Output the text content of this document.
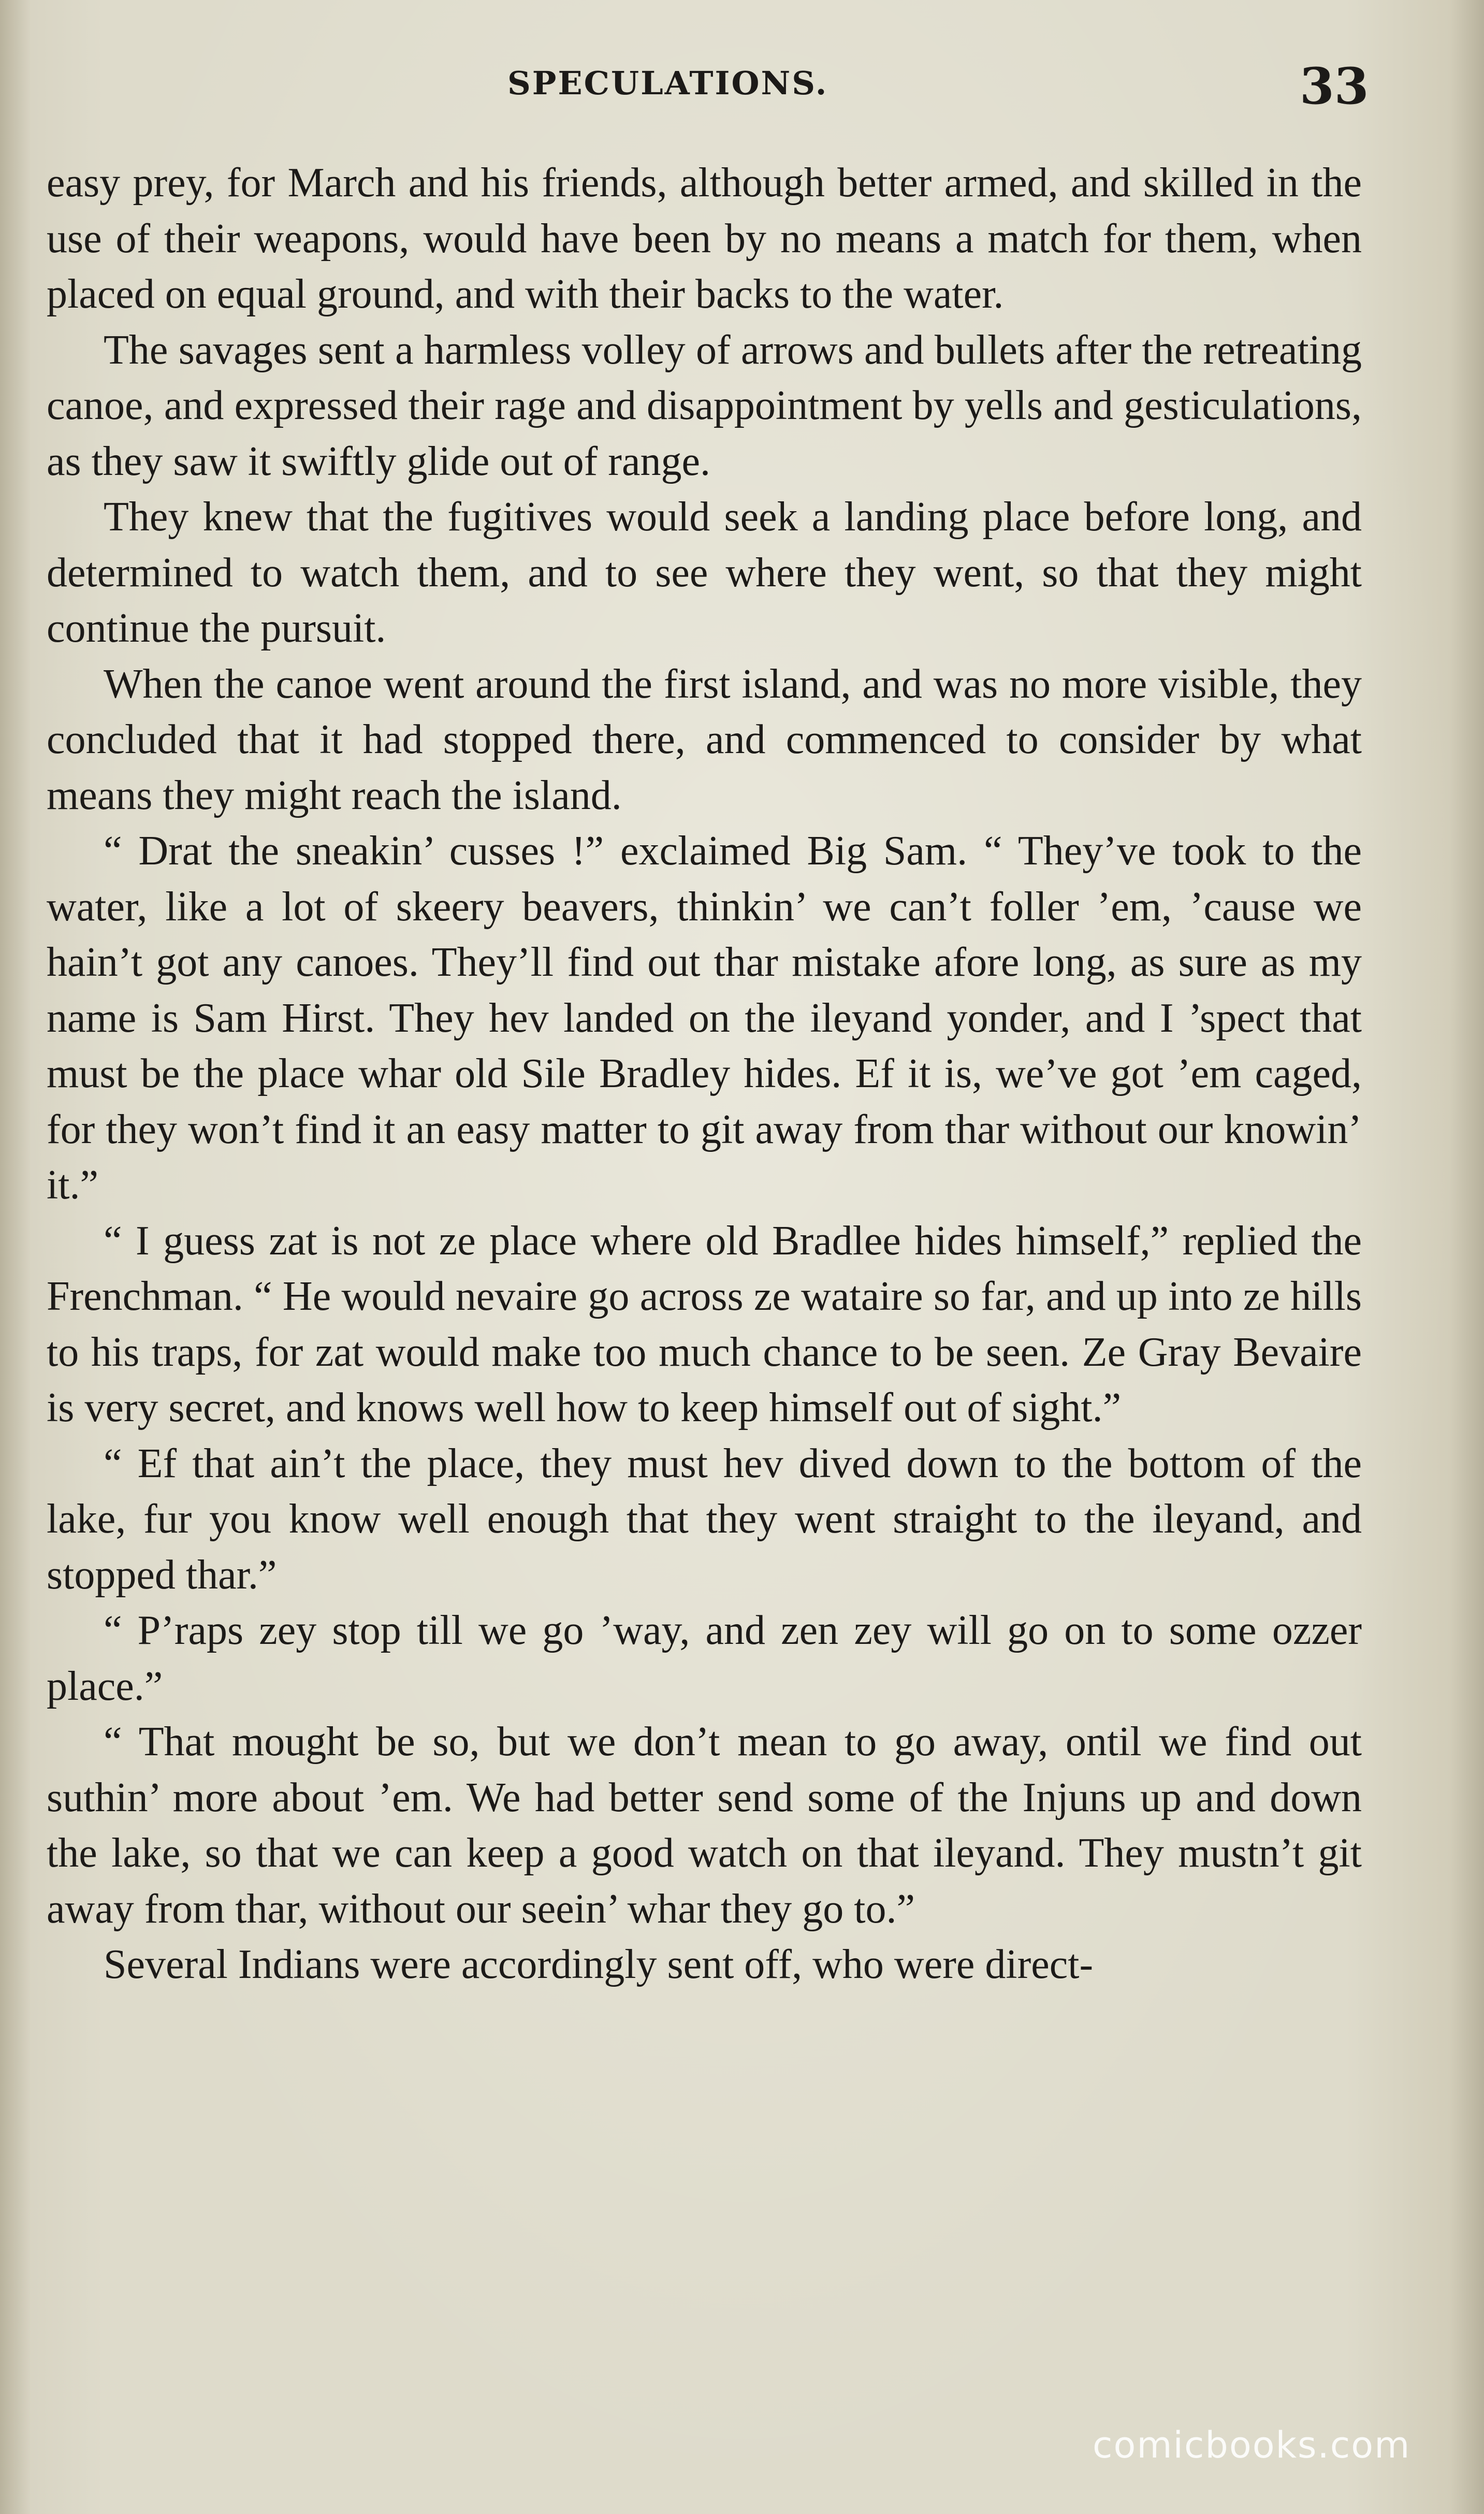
SPECULATIONS.	33

easy prey, for March and his friends, although better armed, and skilled in the use of their weapons, would have been by no means a match for them, when placed on equal ground, and with their backs to the water.

The savages sent a harmless volley of arrows and bullets after the retreating canoe, and expressed their rage and disappointment by yells and gesticulations, as they saw it swiftly glide out of range.

They knew that the fugitives would seek a landing place before long, and determined to watch them, and to see where they went, so that they might continue the pursuit.

When the canoe went around the first island, and was no more visible, they concluded that it had stopped there, and commenced to consider by what means they might reach the island.

“ Drat the sneakin’ cusses !” exclaimed Big Sam. “ They’ve took to the water, like a lot of skeery beavers, thinkin’ we can’t foller ’em, ’cause we hain’t got any canoes. They’ll find out thar mistake afore long, as sure as my name is Sam Hirst. They hev landed on the ileyand yonder, and I ’spect that must be the place whar old Sile Bradley hides. Ef it is, we’ve got ’em caged, for they won’t find it an easy matter to git away from thar without our knowin’ it.”

“ I guess zat is not ze place where old Bradlee hides himself,” replied the Frenchman. “ He would nevaire go across ze wataire so far, and up into ze hills to his traps, for zat would make too much chance to be seen. Ze Gray Bevaire is very secret, and knows well how to keep himself out of sight.”

“ Ef that ain’t the place, they must hev dived down to the bottom of the lake, fur you know well enough that they went straight to the ileyand, and stopped thar.”

“ P’raps zey stop till we go ’way, and zen zey will go on to some ozzer place.”

“ That mought be so, but we don’t mean to go away, ontil we find out suthin’ more about ’em. We had better send some of the Injuns up and down the lake, so that we can keep a good watch on that ileyand. They mustn’t git away from thar, without our seein’ whar they go to.”

Several Indians were accordingly sent off, who were direct-

comicbooks.com
